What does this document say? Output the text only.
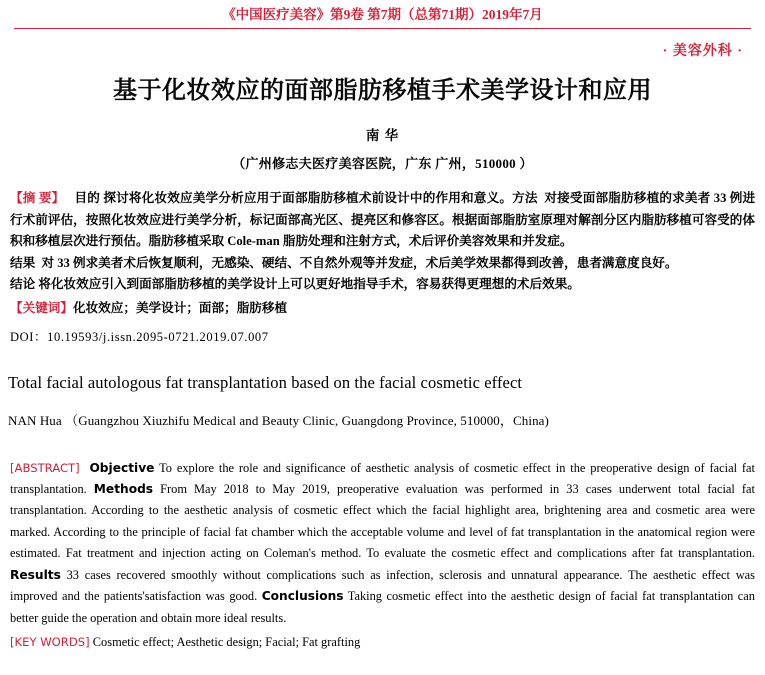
《中国医疗美容》第9卷 第7期（总第71期）2019年7月
· 美容外科 ·
基于化妆效应的面部脂肪移植手术美学设计和应用
南 华
（广州修志夫医疗美容医院，广东 广州，510000 ）

【摘 要】 目的 探讨将化妆效应美学分析应用于面部脂肪移植术前设计中的作用和意义。方法 对接受面部脂肪移植的求美者 33 例进行术前评估，按照化妆效应进行美学分析，标记面部高光区、提亮区和修容区。根据面部脂肪室原理对解剖分区内脂肪移植可容受的体积和移植层次进行预估。脂肪移植采取 Cole-man 脂肪处理和注射方式，术后评价美容效果和并发症。

结果 对 33 例求美者术后恢复顺利，无感染、硬结、不自然外观等并发症，术后美学效果都得到改善，患者满意度良好。

结论 将化妆效应引入到面部脂肪移植的美学设计上可以更好地指导手术，容易获得更理想的术后效果。

【关键词】化妆效应；美学设计；面部；脂肪移植
DOI：10.19593/j.issn.2095-0721.2019.07.007
Total facial autologous fat transplantation based on the facial cosmetic effect
NAN Hua （Guangzhou Xiuzhifu Medical and Beauty Clinic, Guangdong Province, 510000，China)

[ABSTRACT] Objective To explore the role and significance of aesthetic analysis of cosmetic effect in the preoperative design of facial fat transplantation. Methods From May 2018 to May 2019, preoperative evaluation was performed in 33 cases underwent total facial fat transplantation. According to the aesthetic analysis of cosmetic effect which the facial highlight area, brightening area and cosmetic area were marked. According to the principle of facial fat chamber which the acceptable volume and level of fat transplantation in the anatomical region were estimated. Fat treatment and injection acting on Coleman's method. To evaluate the cosmetic effect and complications after fat transplantation. Results 33 cases recovered smoothly without complications such as infection, sclerosis and unnatural appearance. The aesthetic effect was improved and the patients'satisfaction was good. Conclusions Taking cosmetic effect into the aesthetic design of facial fat transplantation can better guide the operation and obtain more ideal results.

[KEY WORDS] Cosmetic effect; Aesthetic design; Facial; Fat grafting
